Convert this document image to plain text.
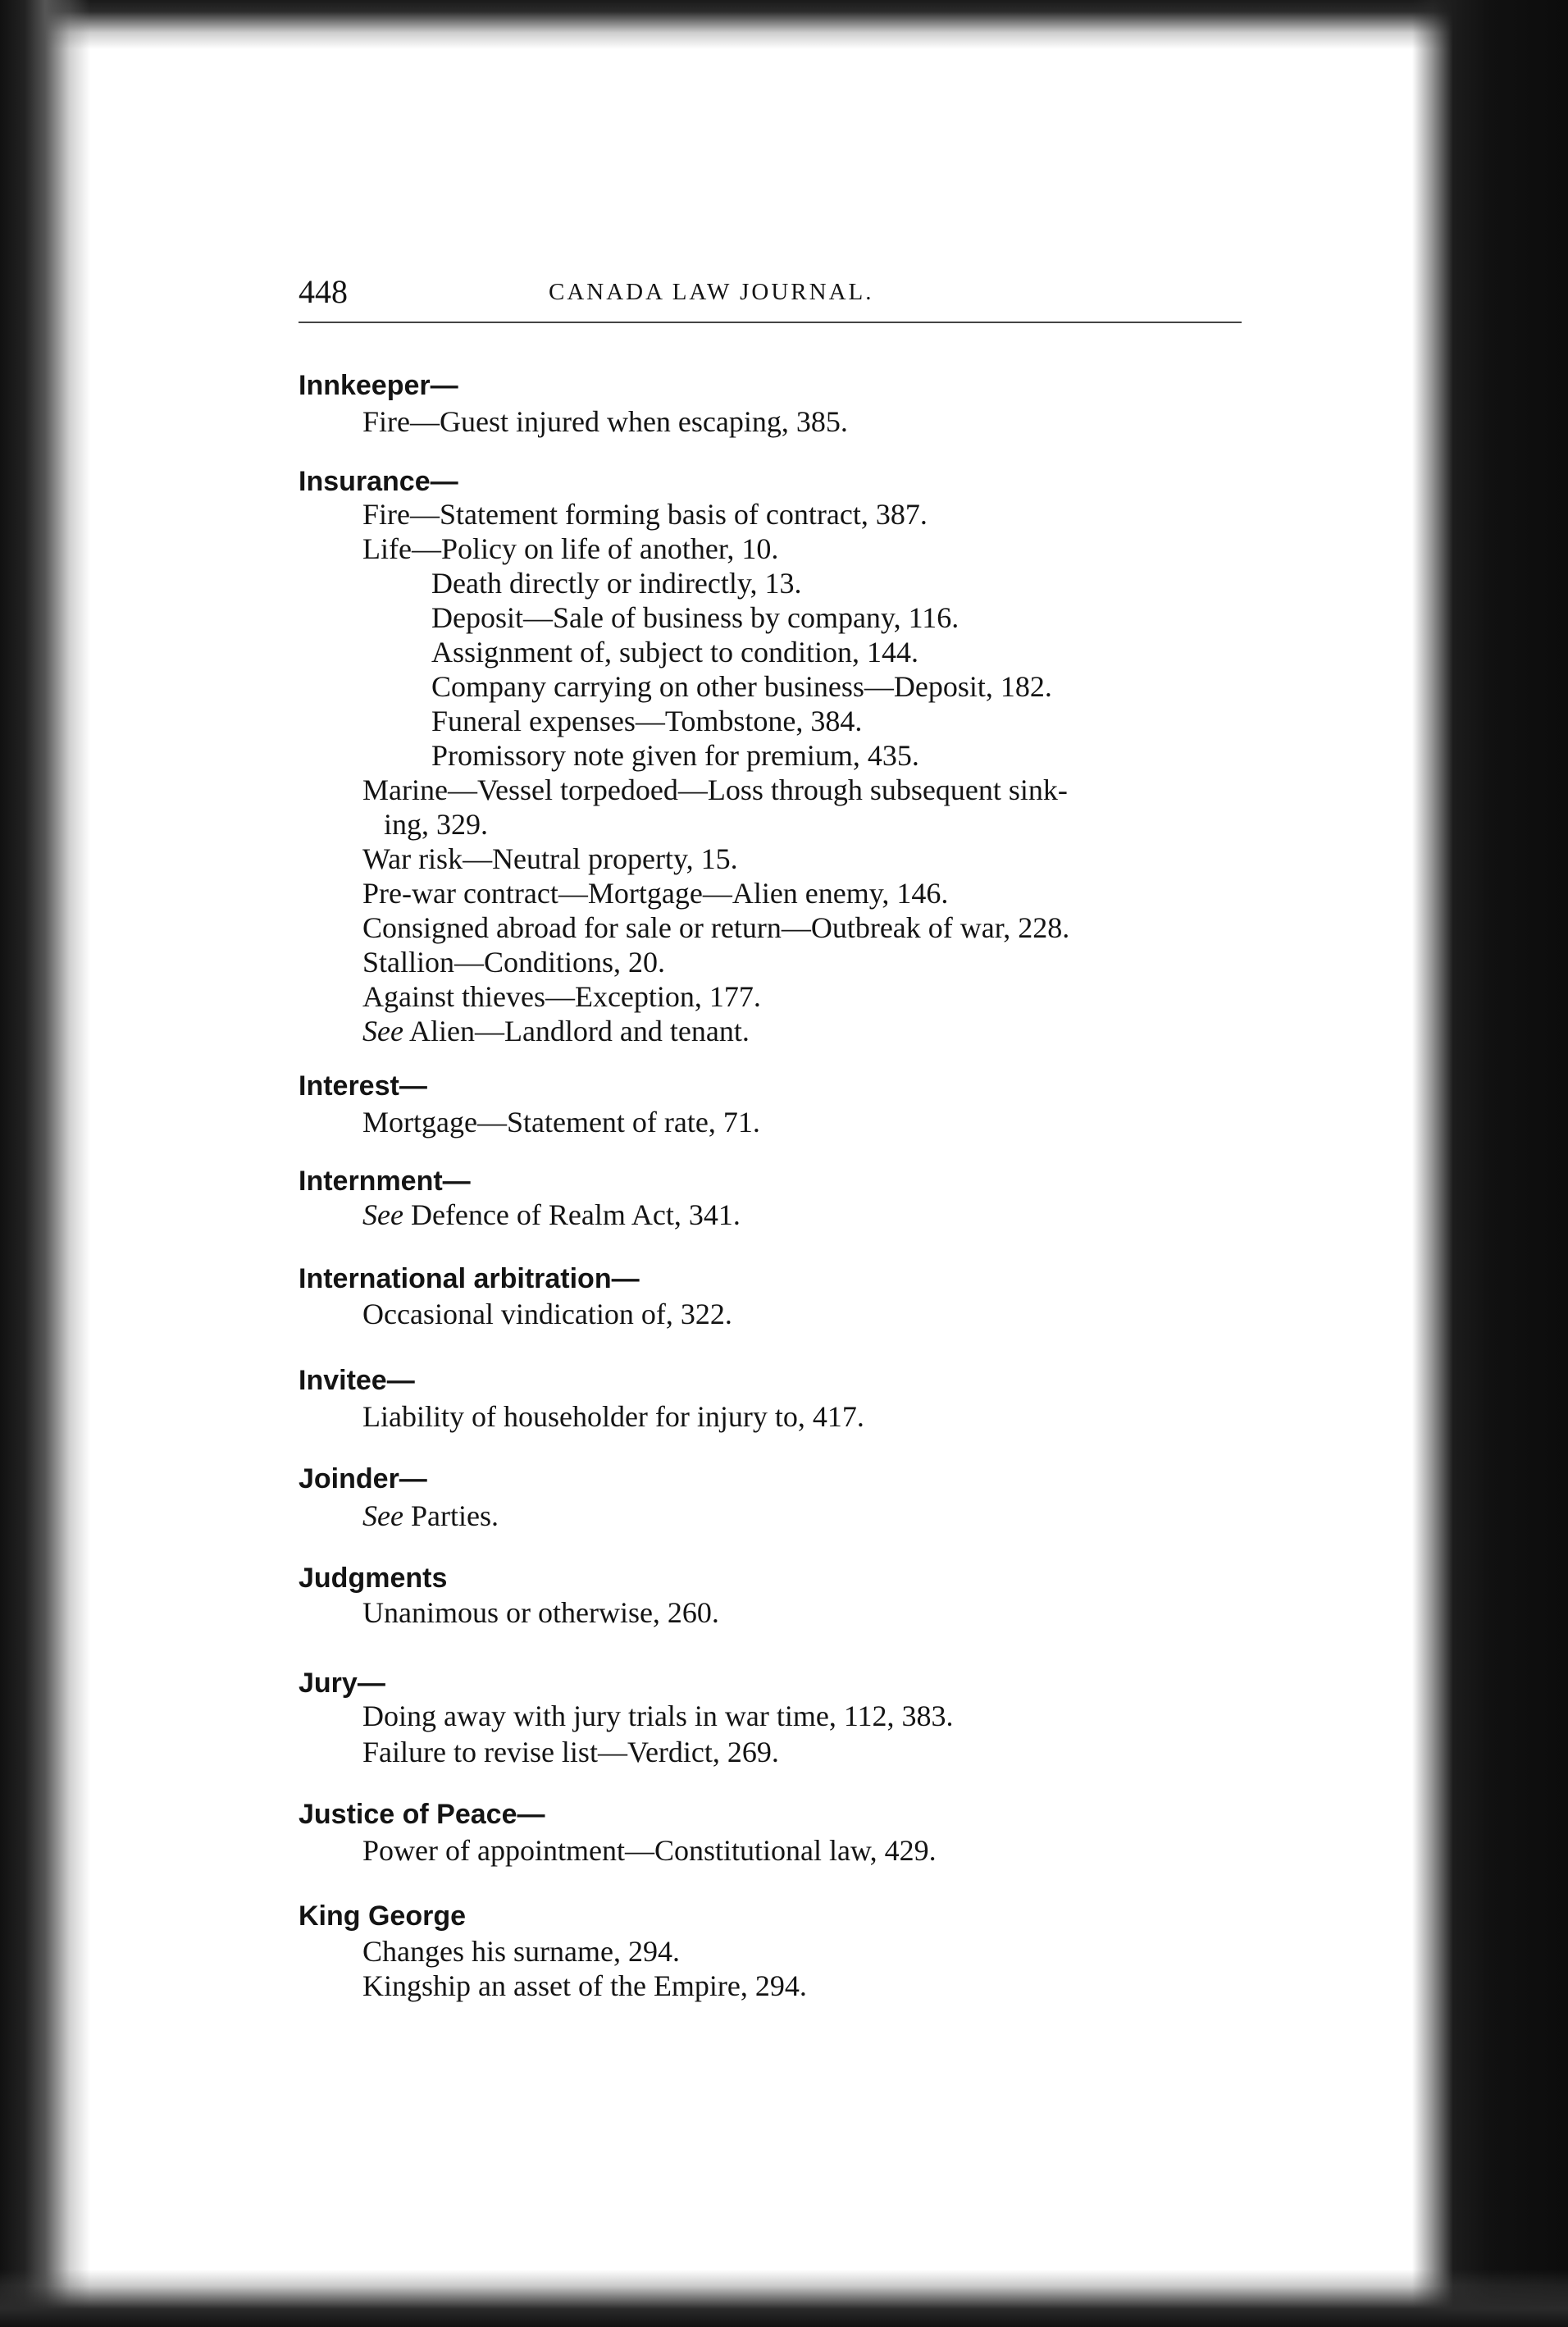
448	CANADA LAW JOURNAL.
Innkeeper—
Fire—Guest injured when escaping, 385.
Insurance—
Fire—Statement forming basis of contract, 387.
Life—Policy on life of another, 10.
Death directly or indirectly, 13.
Deposit—Sale of business by company, 116.
Assignment of, subject to condition, 144.
Company carrying on other business—Deposit, 182.
Funeral expenses—Tombstone, 384.
Promissory note given for premium, 435.
Marine—Vessel torpedoed—Loss through subsequent sink-
ing, 329.
War risk—Neutral property, 15.
Pre-war contract—Mortgage—Alien enemy, 146.
Consigned abroad for sale or return—Outbreak of war, 228.
Stallion—Conditions, 20.
Against thieves—Exception, 177.
See Alien—Landlord and tenant.
Interest—
Mortgage—Statement of rate, 71.
Internment—
See Defence of Realm Act, 341.
International arbitration—
Occasional vindication of, 322.
Invitee—
Liability of householder for injury to, 417.
Joinder—
See Parties.
Judgments
Unanimous or otherwise, 260.
Jury—
Doing away with jury trials in war time, 112, 383.
Failure to revise list—Verdict, 269.
Justice of Peace—
Power of appointment—Constitutional law, 429.
King George
Changes his surname, 294.
Kingship an asset of the Empire, 294.
